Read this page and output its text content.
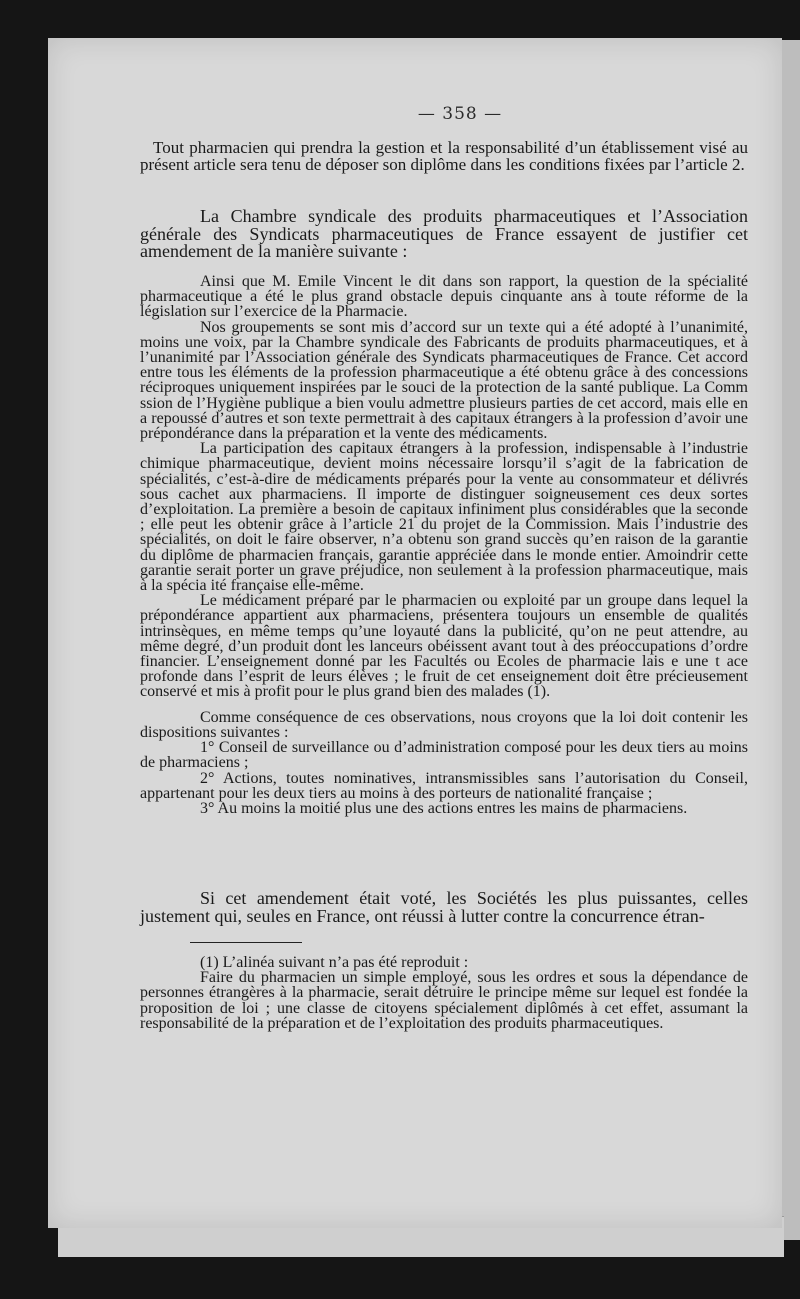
— 358 —

Tout pharmacien qui prendra la gestion et la responsabilité d’un établissement visé au présent article sera tenu de déposer son diplôme dans les conditions fixées par l’article 2.

La Chambre syndicale des produits pharmaceutiques et l’Association générale des Syndicats pharmaceutiques de France essayent de justifier cet amendement de la manière suivante :

Ainsi que M. Emile Vincent le dit dans son rapport, la question de la spécialité pharmaceutique a été le plus grand obstacle depuis cinquante ans à toute réforme de la législation sur l’exercice de la Pharmacie.

Nos groupements se sont mis d’accord sur un texte qui a été adopté à l’unanimité, moins une voix, par la Chambre syndicale des Fabricants de produits pharmaceutiques, et à l’unanimité par l’Association générale des Syndicats pharmaceutiques de France. Cet accord entre tous les éléments de la profession pharmaceutique a été obtenu grâce à des concessions réciproques uniquement inspirées par le souci de la protection de la santé publique. La Comm ssion de l’Hygiène publique a bien voulu admettre plusieurs parties de cet accord, mais elle en a repoussé d’autres et son texte permettrait à des capitaux étrangers à la profession d’avoir une prépondérance dans la préparation et la vente des médicaments.

La participation des capitaux étrangers à la profession, indispensable à l’industrie chimique pharmaceutique, devient moins nécessaire lorsqu’il s’agit de la fabrication de spécialités, c’est-à-dire de médicaments préparés pour la vente au consommateur et délivrés sous cachet aux pharmaciens. Il importe de distinguer soigneusement ces deux sortes d’exploitation. La première a besoin de capitaux infiniment plus considérables que la seconde ; elle peut les obtenir grâce à l’article 21 du projet de la Commission. Mais l’industrie des spécialités, on doit le faire observer, n’a obtenu son grand succès qu’en raison de la garantie du diplôme de pharmacien français, garantie appréciée dans le monde entier. Amoindrir cette garantie serait porter un grave préjudice, non seulement à la profession pharmaceutique, mais à la spécia ité française elle-même.

Le médicament préparé par le pharmacien ou exploité par un groupe dans lequel la prépondérance appartient aux pharmaciens, présentera toujours un ensemble de qualités intrinsèques, en même temps qu’une loyauté dans la publicité, qu’on ne peut attendre, au même degré, d’un produit dont les lanceurs obéissent avant tout à des préoccupations d’ordre financier. L’enseignement donné par les Facultés ou Ecoles de pharmacie lais e une t ace profonde dans l’esprit de leurs élèves ; le fruit de cet enseignement doit être précieusement conservé et mis à profit pour le plus grand bien des malades (1).

Comme conséquence de ces observations, nous croyons que la loi doit contenir les dispositions suivantes :

1° Conseil de surveillance ou d’administration composé pour les deux tiers au moins de pharmaciens ;

2° Actions, toutes nominatives, intransmissibles sans l’autorisation du Conseil, appartenant pour les deux tiers au moins à des porteurs de nationalité française ;

3° Au moins la moitié plus une des actions entres les mains de pharmaciens.

Si cet amendement était voté, les Sociétés les plus puissantes, celles justement qui, seules en France, ont réussi à lutter contre la concurrence étran-

(1) L’alinéa suivant n’a pas été reproduit :

Faire du pharmacien un simple employé, sous les ordres et sous la dépendance de personnes étrangères à la pharmacie, serait détruire le principe même sur lequel est fondée la proposition de loi ; une classe de citoyens spécialement diplômés à cet effet, assumant la responsabilité de la préparation et de l’exploitation des produits pharmaceutiques.
